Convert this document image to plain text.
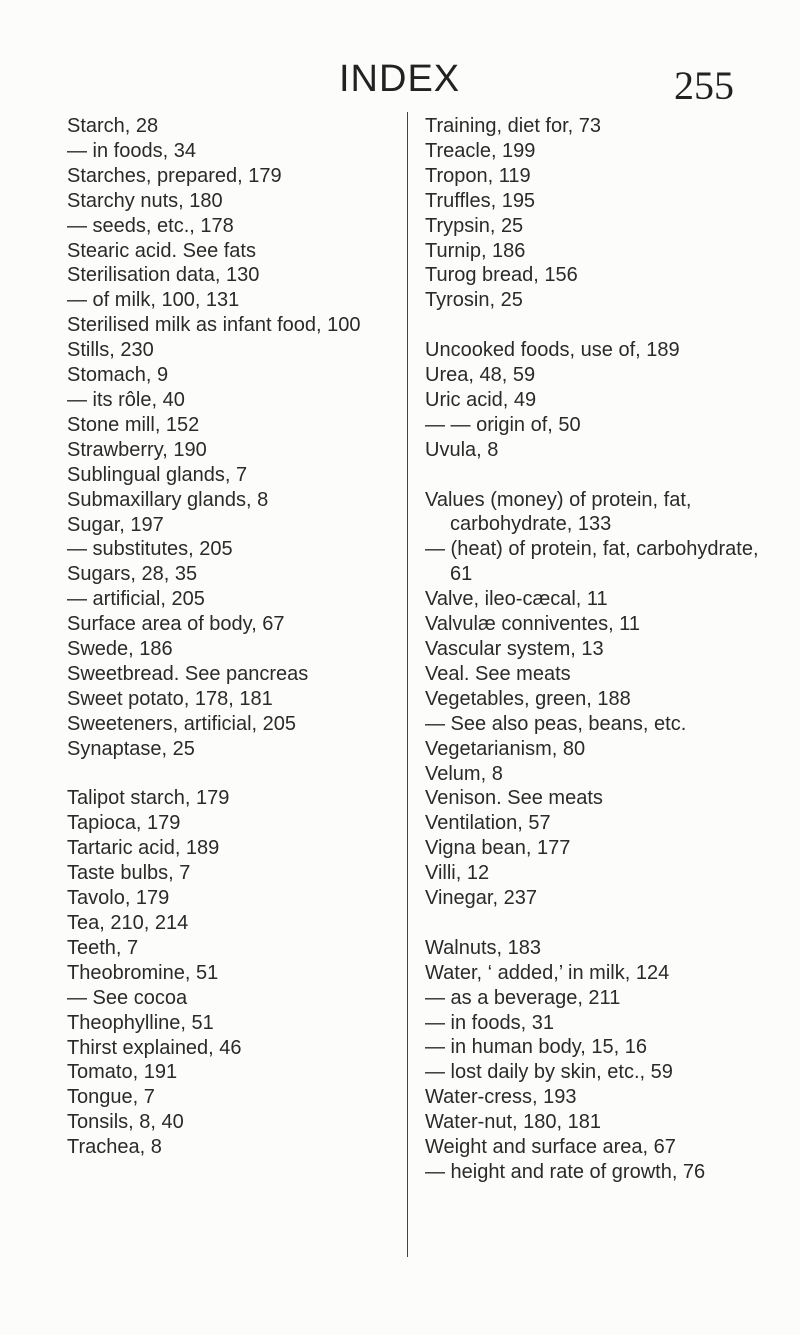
INDEX	255
Starch, 28
— in foods, 34
Starches, prepared, 179
Starchy nuts, 180
— seeds, etc., 178
Stearic acid. See fats
Sterilisation data, 130
— of milk, 100, 131
Sterilised milk as infant food, 100
Stills, 230
Stomach, 9
— its rôle, 40
Stone mill, 152
Strawberry, 190
Sublingual glands, 7
Submaxillary glands, 8
Sugar, 197
— substitutes, 205
Sugars, 28, 35
— artificial, 205
Surface area of body, 67
Swede, 186
Sweetbread. See pancreas
Sweet potato, 178, 181
Sweeteners, artificial, 205
Synaptase, 25
Talipot starch, 179
Tapioca, 179
Tartaric acid, 189
Taste bulbs, 7
Tavolo, 179
Tea, 210, 214
Teeth, 7
Theobromine, 51
— See cocoa
Theophylline, 51
Thirst explained, 46
Tomato, 191
Tongue, 7
Tonsils, 8, 40
Trachea, 8
Training, diet for, 73
Treacle, 199
Tropon, 119
Truffles, 195
Trypsin, 25
Turnip, 186
Turog bread, 156
Tyrosin, 25
Uncooked foods, use of, 189
Urea, 48, 59
Uric acid, 49
— — origin of, 50
Uvula, 8
Values (money) of protein, fat, carbohydrate, 133
— (heat) of protein, fat, carbohydrate, 61
Valve, ileo-cæcal, 11
Valvulæ conniventes, 11
Vascular system, 13
Veal. See meats
Vegetables, green, 188
— See also peas, beans, etc.
Vegetarianism, 80
Velum, 8
Venison. See meats
Ventilation, 57
Vigna bean, 177
Villi, 12
Vinegar, 237
Walnuts, 183
Water, ‘ added,’ in milk, 124
— as a beverage, 211
— in foods, 31
— in human body, 15, 16
— lost daily by skin, etc., 59
Water-cress, 193
Water-nut, 180, 181
Weight and surface area, 67
— height and rate of growth, 76
